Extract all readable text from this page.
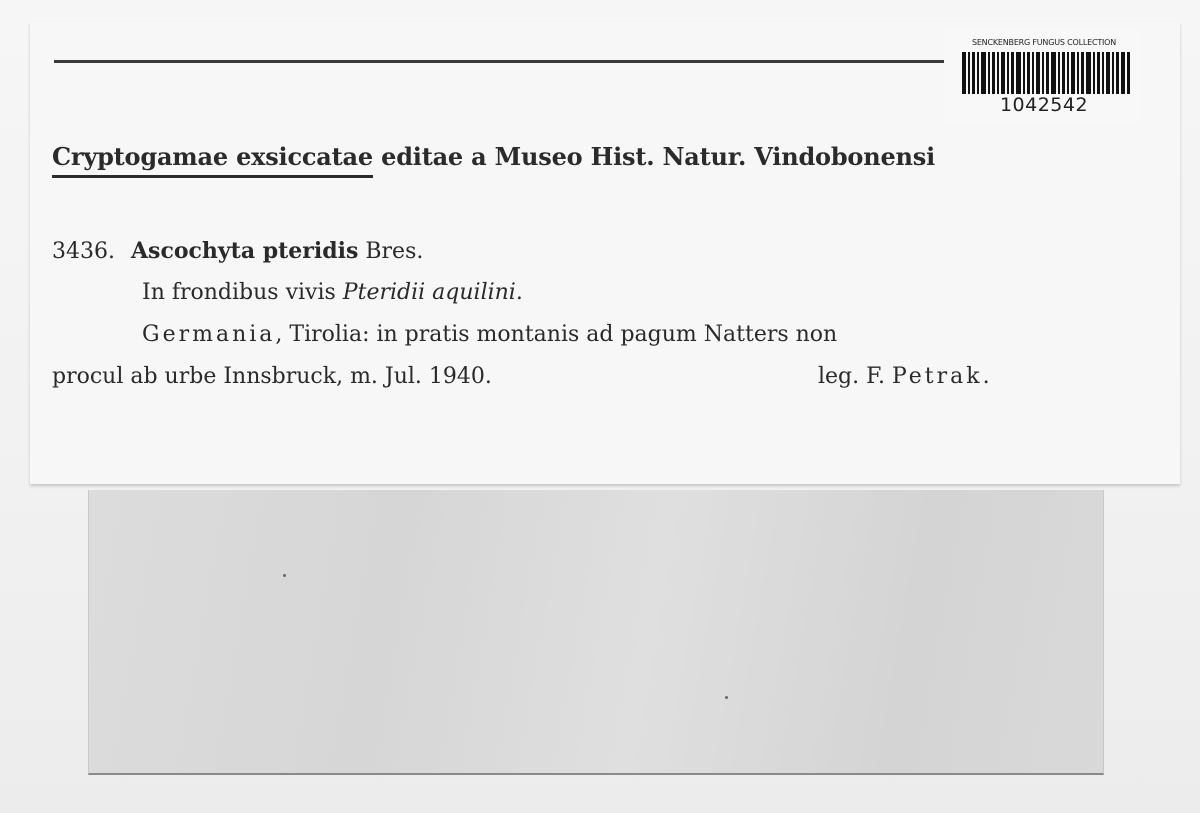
SENCKENBERG FUNGUS COLLECTION
1042542
Cryptogamae exsiccatae editae a Museo Hist. Natur. Vindobonensi
3436. Ascochyta pteridis Bres.
In frondibus vivis Pteridii aquilini.
Germania, Tirolia: in pratis montanis ad pagum Natters non
procul ab urbe Innsbruck, m. Jul. 1940.	leg. F. Petrak.
